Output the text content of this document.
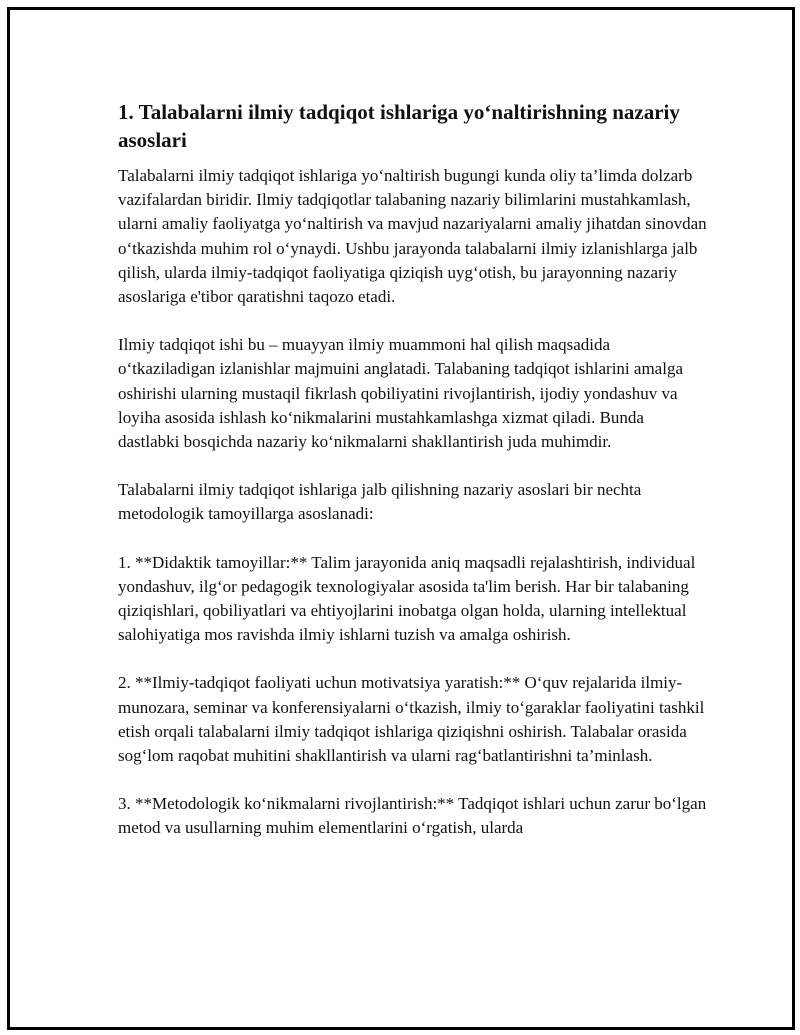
1. Talabalarni ilmiy tadqiqot ishlariga yo‘naltirishning nazariy asoslari

Talabalarni ilmiy tadqiqot ishlariga yo‘naltirish bugungi kunda oliy ta’limda dolzarb vazifalardan biridir. Ilmiy tadqiqotlar talabaning nazariy bilimlarini mustahkamlash, ularni amaliy faoliyatga yo‘naltirish va mavjud nazariyalarni amaliy jihatdan sinovdan o‘tkazishda muhim rol o‘ynaydi. Ushbu jarayonda talabalarni ilmiy izlanishlarga jalb qilish, ularda ilmiy-tadqiqot faoliyatiga qiziqish uyg‘otish, bu jarayonning nazariy asoslariga e'tibor qaratishni taqozo etadi.

Ilmiy tadqiqot ishi bu – muayyan ilmiy muammoni hal qilish maqsadida o‘tkaziladigan izlanishlar majmuini anglatadi. Talabaning tadqiqot ishlarini amalga oshirishi ularning mustaqil fikrlash qobiliyatini rivojlantirish, ijodiy yondashuv va loyiha asosida ishlash ko‘nikmalarini mustahkamlashga xizmat qiladi. Bunda dastlabki bosqichda nazariy ko‘nikmalarni shakllantirish juda muhimdir.

Talabalarni ilmiy tadqiqot ishlariga jalb qilishning nazariy asoslari bir nechta metodologik tamoyillarga asoslanadi:

1. **Didaktik tamoyillar:** Talim jarayonida aniq maqsadli rejalashtirish, individual yondashuv, ilg‘or pedagogik texnologiyalar asosida ta'lim berish. Har bir talabaning qiziqishlari, qobiliyatlari va ehtiyojlarini inobatga olgan holda, ularning intellektual salohiyatiga mos ravishda ilmiy ishlarni tuzish va amalga oshirish.

2. **Ilmiy-tadqiqot faoliyati uchun motivatsiya yaratish:** O‘quv rejalarida ilmiy-munozara, seminar va konferensiyalarni o‘tkazish, ilmiy to‘garaklar faoliyatini tashkil etish orqali talabalarni ilmiy tadqiqot ishlariga qiziqishni oshirish. Talabalar orasida sog‘lom raqobat muhitini shakllantirish va ularni rag‘batlantirishni ta’minlash.

3. **Metodologik ko‘nikmalarni rivojlantirish:** Tadqiqot ishlari uchun zarur bo‘lgan metod va usullarning muhim elementlarini o‘rgatish, ularda
